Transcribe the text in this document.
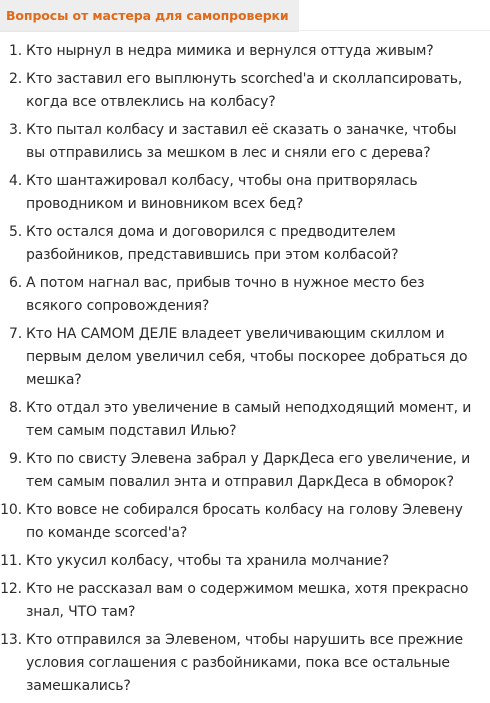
Вопросы от мастера для самопроверки
1. Кто нырнул в недра мимика и вернулся оттуда живым?
2. Кто заставил его выплюнуть scorched'а и сколлапсировать, когда все отвлеклись на колбасу?
3. Кто пытал колбасу и заставил её сказать о заначке, чтобы вы отправились за мешком в лес и сняли его с дерева?
4. Кто шантажировал колбасу, чтобы она притворялась проводником и виновником всех бед?
5. Кто остался дома и договорился с предводителем разбойников, представившись при этом колбасой?
6. А потом нагнал вас, прибыв точно в нужное место без всякого сопровождения?
7. Кто НА САМОМ ДЕЛЕ владеет увеличивающим скиллом и первым делом увеличил себя, чтобы поскорее добраться до мешка?
8. Кто отдал это увеличение в самый неподходящий момент, и тем самым подставил Илью?
9. Кто по свисту Элевена забрал у ДаркДеса его увеличение, и тем самым повалил энта и отправил ДаркДеса в обморок?
10. Кто вовсе не собирался бросать колбасу на голову Элевену по команде scorced'а?
11. Кто укусил колбасу, чтобы та хранила молчание?
12. Кто не рассказал вам о содержимом мешка, хотя прекрасно знал, ЧТО там?
13. Кто отправился за Элевеном, чтобы нарушить все прежние условия соглашения с разбойниками, пока все остальные замешкались?
